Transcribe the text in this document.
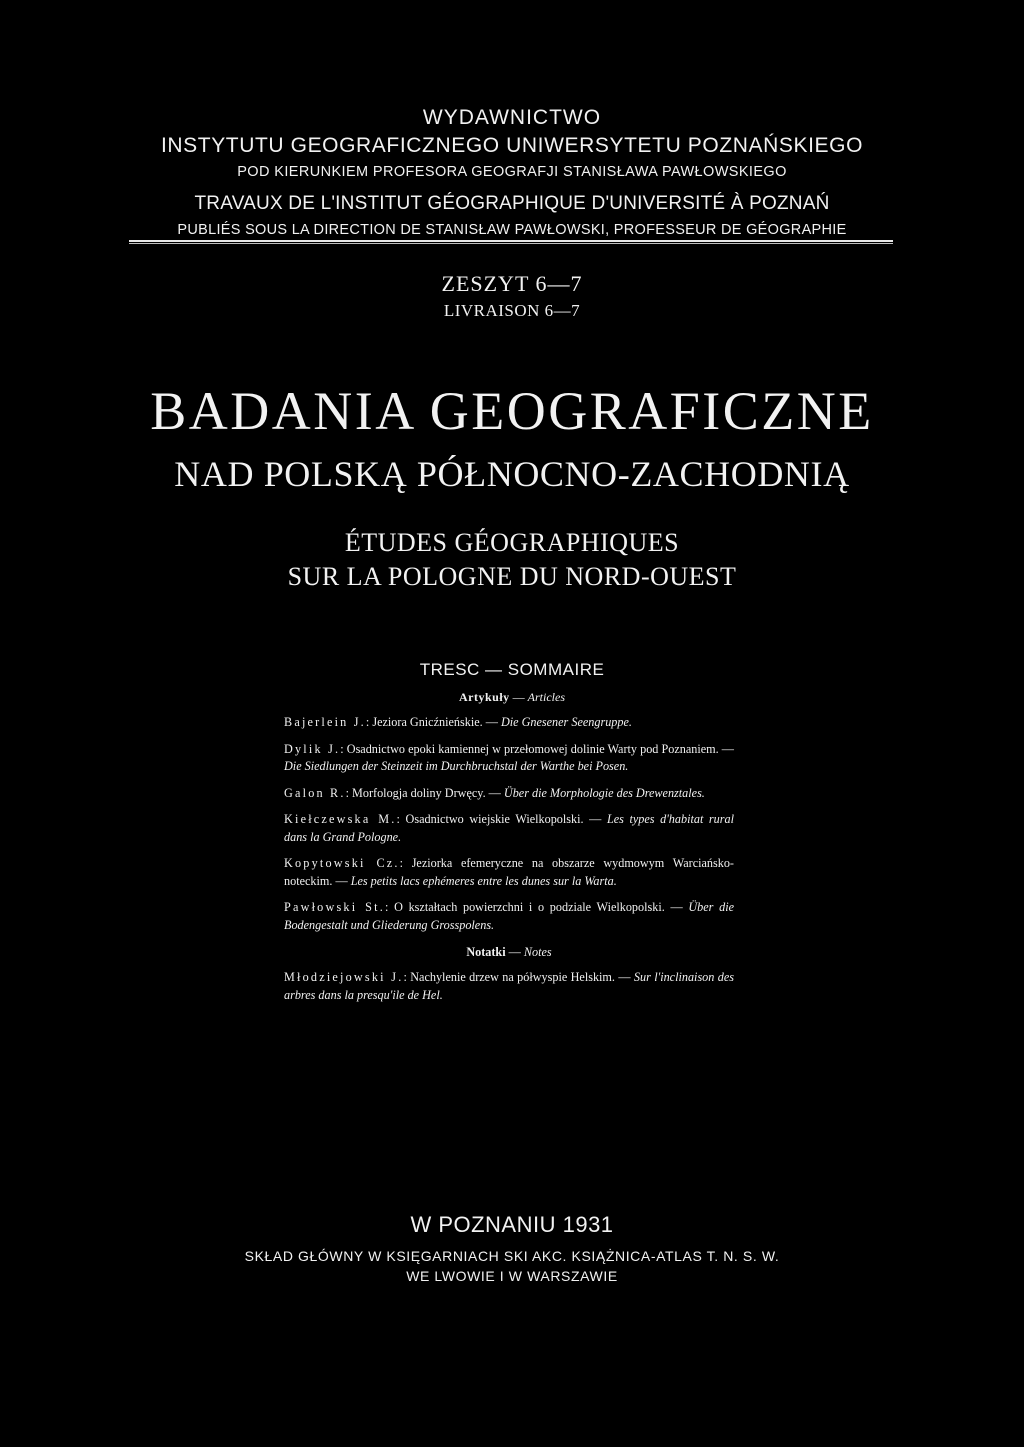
WYDAWNICTWO
INSTYTUTU GEOGRAFICZNEGO UNIWERSYTETU POZNAŃSKIEGO
POD KIERUNKIEM PROFESORA GEOGRAFJI STANISŁAWA PAWŁOWSKIEGO
TRAVAUX DE L'INSTITUT GÉOGRAPHIQUE D'UNIVERSITÉ À POZNAŃ
PUBLIÉS SOUS LA DIRECTION DE STANISŁAW PAWŁOWSKI, PROFESSEUR DE GÉOGRAPHIE
ZESZYT 6—7
LIVRAISON 6—7
BADANIA GEOGRAFICZNE
NAD POLSKĄ PÓŁNOCNO-ZACHODNIĄ
ÉTUDES GÉOGRAPHIQUES
SUR LA POLOGNE DU NORD-OUEST
TRESC — SOMMAIRE
Artykuły — Articles
Bajerlein J.: Jeziora Gnicźnieńskie. — Die Gnesener Seengruppe.
Dylik J.: Osadnictwo epoki kamiennej w przełomowej dolinie Warty pod Poznaniem. — Die Siedlungen der Steinzeit im Durchbruchstal der Warthe bei Posen.
Galon R.: Morfologja doliny Drwęcy. — Über die Morphologie des Drewenztales.
Kiełczewska M.: Osadnictwo wiejskie Wielkopolski. — Les types d'habitat rural dans la Grand Pologne.
Kopytowski Cz.: Jeziorka efemeryczne na obszarze wydmowym Warciańsko-noteckim. — Les petits lacs ephémeres entre les dunes sur la Warta.
Pawłowski St.: O kształtach powierzchni i o podziale Wielkopolski. — Über die Bodengestalt und Gliederung Grosspolens.
Notatki — Notes
Młodziejowski J.: Nachylenie drzew na półwyspie Helskim. — Sur l'inclinaison des arbres dans la presqu'ile de Hel.
W POZNANIU 1931
SKŁAD GŁÓWNY W KSIĘGARNIACH SKI AKC. KSIĄŻNICA-ATLAS T. N. S. W.
WE LWOWIE I W WARSZAWIE
